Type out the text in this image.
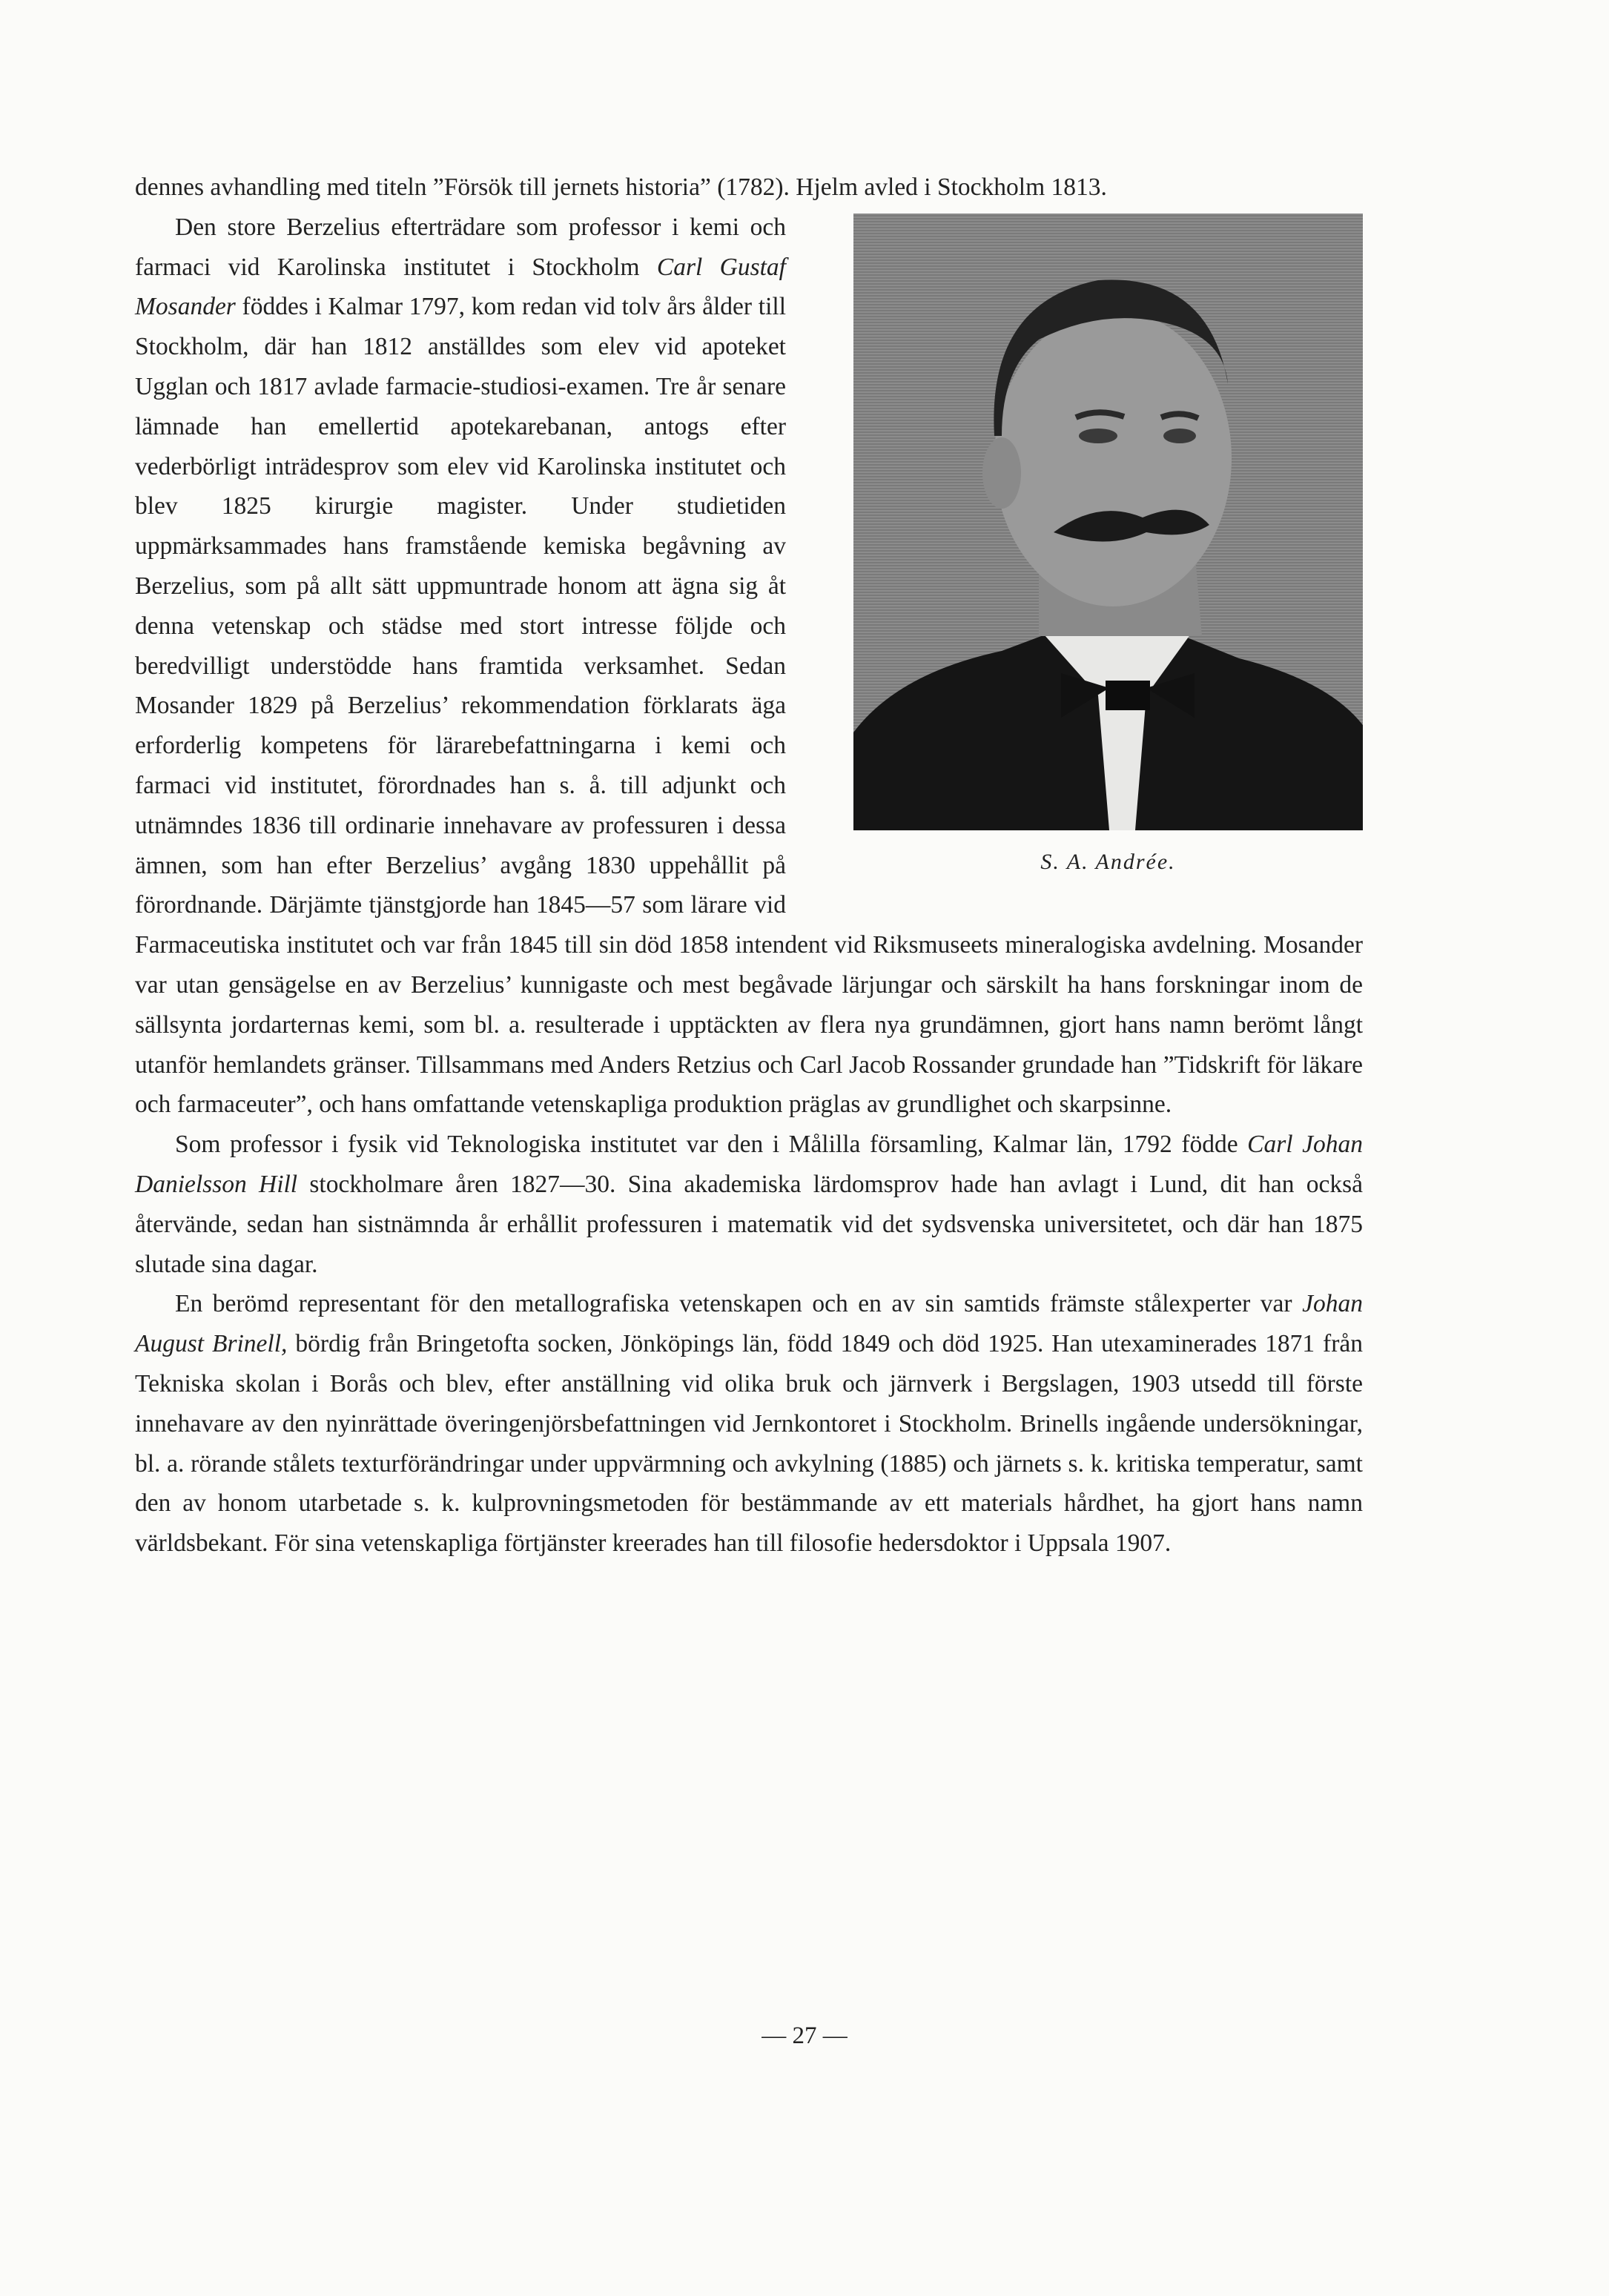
dennes avhandling med titeln ”Försök till jernets historia” (1782). Hjelm avled i Stockholm 1813.

S. A. Andrée.

Den store Berzelius efterträdare som professor i kemi och farmaci vid Karolinska institutet i Stockholm Carl Gustaf Mosander föddes i Kalmar 1797, kom redan vid tolv års ålder till Stockholm, där han 1812 anställdes som elev vid apoteket Ugglan och 1817 avlade farmacie-studiosi-examen. Tre år senare lämnade han emellertid apotekarebanan, antogs efter vederbörligt inträdesprov som elev vid Karolinska institutet och blev 1825 kirurgie magister. Under studietiden uppmärksammades hans framstående kemiska begåvning av Berzelius, som på allt sätt uppmuntrade honom att ägna sig åt denna vetenskap och städse med stort intresse följde och beredvilligt understödde hans framtida verksamhet. Sedan Mosander 1829 på Berzelius’ rekommendation förklarats äga erforderlig kompetens för lärarebefattningarna i kemi och farmaci vid institutet, förordnades han s. å. till adjunkt och utnämndes 1836 till ordinarie innehavare av professuren i dessa ämnen, som han efter Berzelius’ avgång 1830 uppehållit på förordnande. Därjämte tjänstgjorde han 1845—57 som lärare vid Farmaceutiska institutet och var från 1845 till sin död 1858 intendent vid Riksmuseets mineralogiska avdelning. Mosander var utan gensägelse en av Berzelius’ kunnigaste och mest begåvade lärjungar och särskilt ha hans forskningar inom de sällsynta jordarternas kemi, som bl. a. resulterade i upptäckten av flera nya grundämnen, gjort hans namn berömt långt utanför hemlandets gränser. Tillsammans med Anders Retzius och Carl Jacob Rossander grundade han ”Tidskrift för läkare och farmaceuter”, och hans omfattande vetenskapliga produktion präglas av grundlighet och skarpsinne.

Som professor i fysik vid Teknologiska institutet var den i Målilla församling, Kalmar län, 1792 födde Carl Johan Danielsson Hill stockholmare åren 1827—30. Sina akademiska lärdomsprov hade han avlagt i Lund, dit han också återvände, sedan han sistnämnda år erhållit professuren i matematik vid det sydsvenska universitetet, och där han 1875 slutade sina dagar.

En berömd representant för den metallografiska vetenskapen och en av sin samtids främste stålexperter var Johan August Brinell, bördig från Bringetofta socken, Jönköpings län, född 1849 och död 1925. Han utexaminerades 1871 från Tekniska skolan i Borås och blev, efter anställning vid olika bruk och järnverk i Bergslagen, 1903 utsedd till förste innehavare av den nyinrättade överingenjörsbefattningen vid Jernkontoret i Stockholm. Brinells ingående undersökningar, bl. a. rörande stålets texturförändringar under uppvärmning och avkylning (1885) och järnets s. k. kritiska temperatur, samt den av honom utarbetade s. k. kulprovningsmetoden för bestämmande av ett materials hårdhet, ha gjort hans namn världsbekant. För sina vetenskapliga förtjänster kreerades han till filosofie hedersdoktor i Uppsala 1907.

— 27 —
